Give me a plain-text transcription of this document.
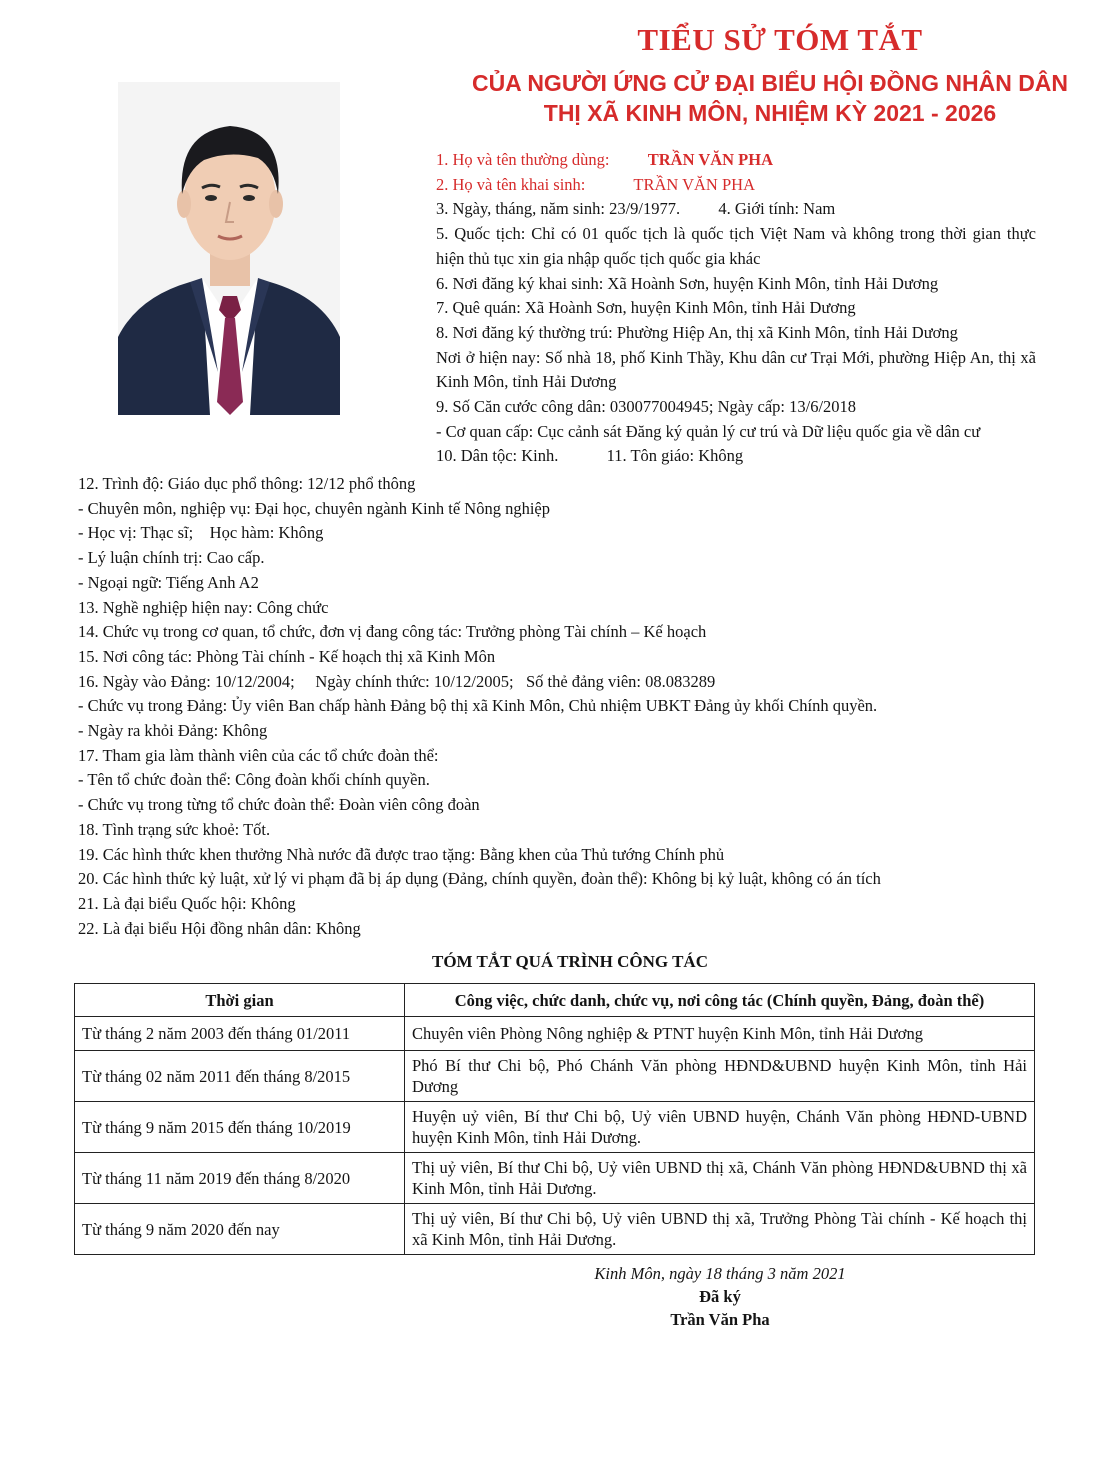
TIỂU SỬ TÓM TẮT
CỦA NGƯỜI ỨNG CỬ ĐẠI BIỂU HỘI ĐỒNG NHÂN DÂN
THỊ XÃ KINH MÔN, NHIỆM KỲ 2021 - 2026
1. Họ và tên thường dùng: TRẦN VĂN PHA
2. Họ và tên khai sinh:	TRẦN VĂN PHA
3. Ngày, tháng, năm sinh: 23/9/1977. 4. Giới tính: Nam
5. Quốc tịch: Chỉ có 01 quốc tịch là quốc tịch Việt Nam và không trong thời gian thực hiện thủ tục xin gia nhập quốc tịch quốc gia khác
6. Nơi đăng ký khai sinh: Xã Hoành Sơn, huyện Kinh Môn, tỉnh Hải Dương
7. Quê quán: Xã Hoành Sơn, huyện Kinh Môn, tỉnh Hải Dương
8. Nơi đăng ký thường trú: Phường Hiệp An, thị xã Kinh Môn, tỉnh Hải Dương
Nơi ở hiện nay: Số nhà 18, phố Kinh Thầy, Khu dân cư Trại Mới, phường Hiệp An, thị xã Kinh Môn, tỉnh Hải Dương
9. Số Căn cước công dân: 030077004945; Ngày cấp: 13/6/2018
- Cơ quan cấp: Cục cảnh sát Đăng ký quản lý cư trú và Dữ liệu quốc gia về dân cư
10. Dân tộc: Kinh.	11. Tôn giáo: Không
12. Trình độ: Giáo dục phổ thông: 12/12 phổ thông
- Chuyên môn, nghiệp vụ: Đại học, chuyên ngành Kinh tế Nông nghiệp
- Học vị: Thạc sĩ;    Học hàm: Không
- Lý luận chính trị: Cao cấp.
- Ngoại ngữ: Tiếng Anh A2
13. Nghề nghiệp hiện nay: Công chức
14. Chức vụ trong cơ quan, tổ chức, đơn vị đang công tác: Trưởng phòng Tài chính – Kế hoạch
15. Nơi công tác: Phòng Tài chính - Kế hoạch thị xã Kinh Môn
16. Ngày vào Đảng: 10/12/2004;     Ngày chính thức: 10/12/2005;   Số thẻ đảng viên: 08.083289
- Chức vụ trong Đảng: Ủy viên Ban chấp hành Đảng bộ thị xã Kinh Môn, Chủ nhiệm UBKT Đảng ủy khối Chính quyền.
- Ngày ra khỏi Đảng: Không
17. Tham gia làm thành viên của các tổ chức đoàn thể:
- Tên tổ chức đoàn thể: Công đoàn khối chính quyền.
- Chức vụ trong từng tổ chức đoàn thể: Đoàn viên công đoàn
18. Tình trạng sức khoẻ: Tốt.
19. Các hình thức khen thưởng Nhà nước đã được trao tặng: Bằng khen của Thủ tướng Chính phủ
20. Các hình thức kỷ luật, xử lý vi phạm đã bị áp dụng (Đảng, chính quyền, đoàn thể): Không bị kỷ luật, không có án tích
21. Là đại biểu Quốc hội: Không
22. Là đại biểu Hội đồng nhân dân: Không
TÓM TẮT QUÁ TRÌNH CÔNG TÁC
Thời gian	Công việc, chức danh, chức vụ, nơi công tác (Chính quyền, Đảng, đoàn thể)
Từ tháng 2 năm 2003 đến tháng 01/2011	Chuyên viên Phòng Nông nghiệp & PTNT huyện Kinh Môn, tỉnh Hải Dương
Từ tháng 02 năm 2011 đến tháng 8/2015	Phó Bí thư Chi bộ, Phó Chánh Văn phòng HĐND&UBND huyện Kinh Môn, tỉnh Hải Dương
Từ tháng 9 năm 2015 đến tháng 10/2019	Huyện uỷ viên, Bí thư Chi bộ, Uỷ viên UBND huyện, Chánh Văn phòng HĐND-UBND huyện Kinh Môn, tỉnh Hải Dương.
Từ tháng 11 năm 2019 đến tháng 8/2020	Thị uỷ viên, Bí thư Chi bộ, Uỷ viên UBND thị xã, Chánh Văn phòng HĐND&UBND thị xã Kinh Môn, tỉnh Hải Dương.
Từ tháng 9 năm 2020 đến nay	Thị uỷ viên, Bí thư Chi bộ, Uỷ viên UBND thị xã, Trưởng Phòng Tài chính - Kế hoạch thị xã Kinh Môn, tỉnh Hải Dương.
Kinh Môn, ngày 18 tháng 3 năm 2021
Đã ký
Trần Văn Pha
